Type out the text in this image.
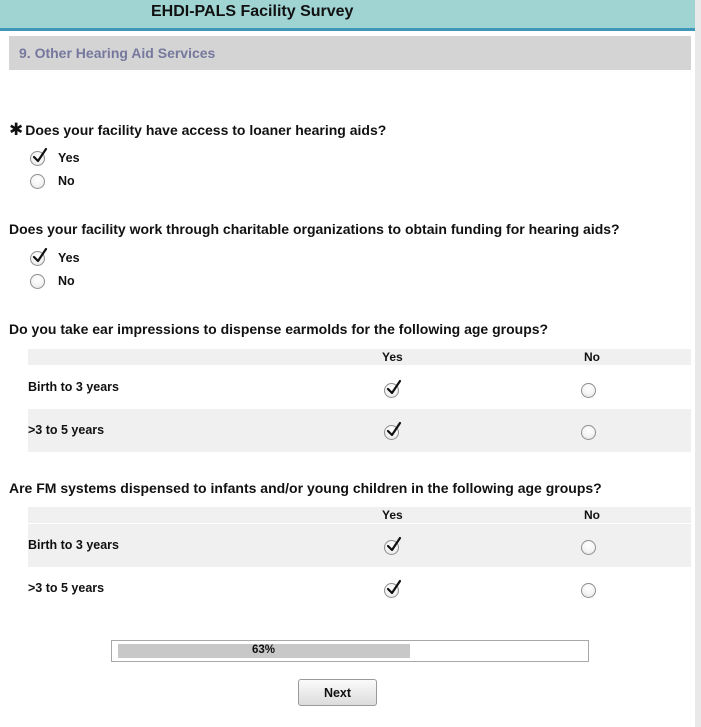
EHDI-PALS Facility Survey
9. Other Hearing Aid Services
✱ Does your facility have access to loaner hearing aids?
Yes
No
Does your facility work through charitable organizations to obtain funding for hearing aids?
Yes
No
Do you take ear impressions to dispense earmolds for the following age groups?
Yes	No
Birth to 3 years
>3 to 5 years
Are FM systems dispensed to infants and/or young children in the following age groups?
Yes	No
Birth to 3 years
>3 to 5 years
63%
Next
